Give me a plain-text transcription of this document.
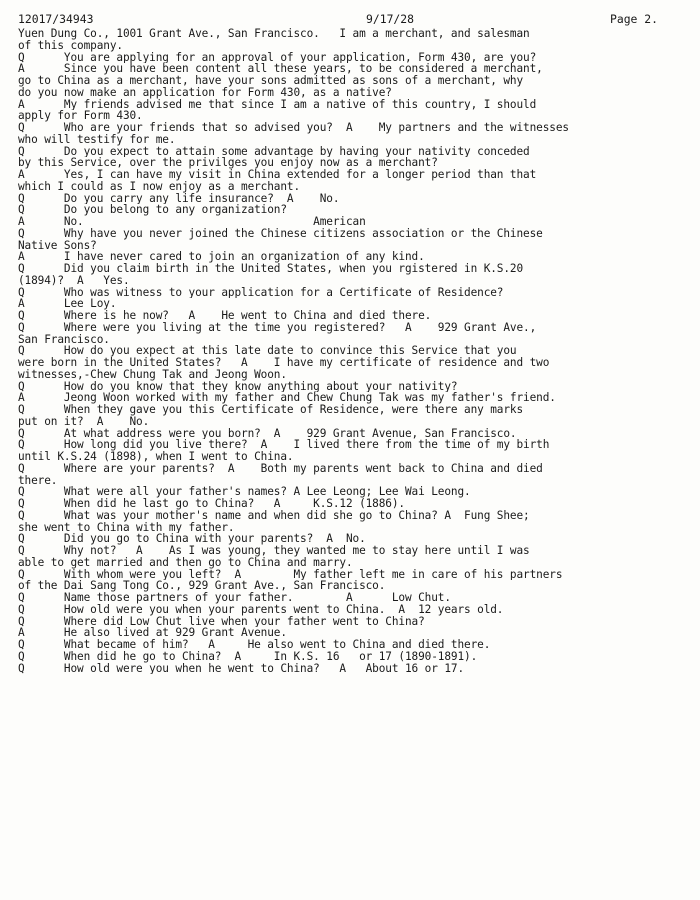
12017/34943	9/17/28	Page 2.
Yuen Dung Co., 1001 Grant Ave., San Francisco.   I am a merchant, and salesman
of this company.
Q      You are applying for an approval of your application, Form 430, are you?
A      Since you have been content all these years, to be considered a merchant,
go to China as a merchant, have your sons admitted as sons of a merchant, why
do you now make an application for Form 430, as a native?
A      My friends advised me that since I am a native of this country, I should
apply for Form 430.
Q      Who are your friends that so advised you?  A    My partners and the witnesses
who will testify for me.
Q      Do you expect to attain some advantage by having your nativity conceded
by this Service, over the privilges you enjoy now as a merchant?
A      Yes, I can have my visit in China extended for a longer period than that
which I could as I now enjoy as a merchant.
Q      Do you carry any life insurance?  A    No.
Q      Do you belong to any organization?
A      No.                                   American
Q      Why have you never joined the Chinese citizens association or the Chinese
Native Sons?
A      I have never cared to join an organization of any kind.
Q      Did you claim birth in the United States, when you rgistered in K.S.20
(1894)?  A   Yes.
Q      Who was witness to your application for a Certificate of Residence?
A      Lee Loy.
Q      Where is he now?   A    He went to China and died there.
Q      Where were you living at the time you registered?   A    929 Grant Ave.,
San Francisco.
Q      How do you expect at this late date to convince this Service that you
were born in the United States?   A    I have my certificate of residence and two
witnesses,-Chew Chung Tak and Jeong Woon.
Q      How do you know that they know anything about your nativity?
A      Jeong Woon worked with my father and Chew Chung Tak was my father's friend.
Q      When they gave you this Certificate of Residence, were there any marks
put on it?  A    No.
Q      At what address were you born?  A    929 Grant Avenue, San Francisco.
Q      How long did you live there?  A    I lived there from the time of my birth
until K.S.24 (1898), when I went to China.
Q      Where are your parents?  A    Both my parents went back to China and died
there.
Q      What were all your father's names? A Lee Leong; Lee Wai Leong.
Q      When did he last go to China?   A     K.S.12 (1886).
Q      What was your mother's name and when did she go to China? A  Fung Shee;
she went to China with my father.
Q      Did you go to China with your parents?  A  No.
Q      Why not?   A    As I was young, they wanted me to stay here until I was
able to get married and then go to China and marry.
Q      With whom were you left?  A        My father left me in care of his partners
of the Dai Sang Tong Co., 929 Grant Ave., San Francisco.
Q      Name those partners of your father.        A      Low Chut.
Q      How old were you when your parents went to China.  A  12 years old.
Q      Where did Low Chut live when your father went to China?
A      He also lived at 929 Grant Avenue.
Q      What became of him?   A     He also went to China and died there.
Q      When did he go to China?  A     In K.S. 16   or 17 (1890-1891).
Q      How old were you when he went to China?   A   About 16 or 17.
